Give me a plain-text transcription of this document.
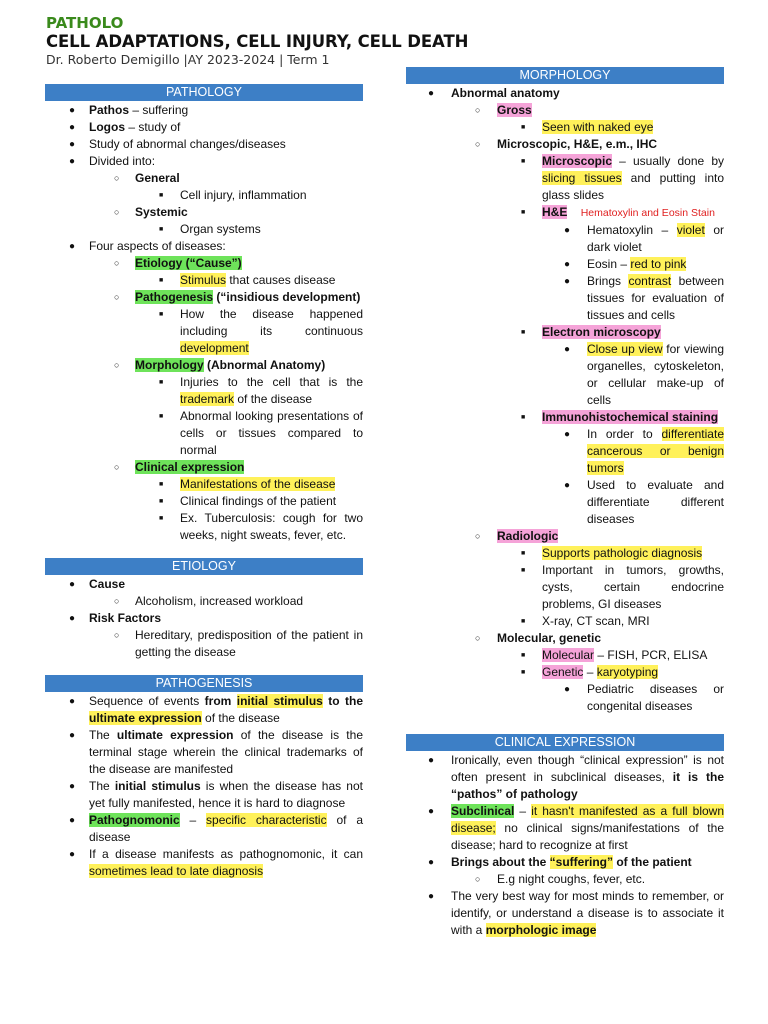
PATHOLO
CELL ADAPTATIONS, CELL INJURY, CELL DEATH
Dr. Roberto Demigillo |AY 2023-2024 | Term 1
PATHOLOGY
● Pathos – suffering
● Logos – study of
● Study of abnormal changes/diseases
● Divided into:
○ General
■ Cell injury, inflammation
○ Systemic
■ Organ systems
● Four aspects of diseases:
○ Etiology (“Cause”)
■ Stimulus that causes disease
○ Pathogenesis (“insidious development)
■ How the disease happened including its continuous development
○ Morphology (Abnormal Anatomy)
■ Injuries to the cell that is the trademark of the disease
■ Abnormal looking presentations of cells or tissues compared to normal
○ Clinical expression
■ Manifestations of the disease
■ Clinical findings of the patient
■ Ex. Tuberculosis: cough for two weeks, night sweats, fever, etc.
ETIOLOGY
● Cause
○ Alcoholism, increased workload
● Risk Factors
○ Hereditary, predisposition of the patient in getting the disease
PATHOGENESIS
● Sequence of events from initial stimulus to the ultimate expression of the disease
● The ultimate expression of the disease is the terminal stage wherein the clinical trademarks of the disease are manifested
● The initial stimulus is when the disease has not yet fully manifested, hence it is hard to diagnose
● Pathognomonic – specific characteristic of a disease
● If a disease manifests as pathognomonic, it can sometimes lead to late diagnosis
MORPHOLOGY
● Abnormal anatomy
○ Gross
■ Seen with naked eye
○ Microscopic, H&E, e.m., IHC
■ Microscopic – usually done by slicing tissues and putting into glass slides
■ H&E Hematoxylin and Eosin Stain
● Hematoxylin – violet or dark violet
● Eosin – red to pink
● Brings contrast between tissues for evaluation of tissues and cells
■ Electron microscopy
● Close up view for viewing organelles, cytoskeleton, or cellular make-up of cells
■ Immunohistochemical staining
● In order to differentiate cancerous or benign tumors
● Used to evaluate and differentiate different diseases
○ Radiologic
■ Supports pathologic diagnosis
■ Important in tumors, growths, cysts, certain endocrine problems, GI diseases
■ X-ray, CT scan, MRI
○ Molecular, genetic
■ Molecular – FISH, PCR, ELISA
■ Genetic – karyotyping
● Pediatric diseases or congenital diseases
CLINICAL EXPRESSION
● Ironically, even though “clinical expression” is not often present in subclinical diseases, it is the “pathos” of pathology
● Subclinical – it hasn't manifested as a full blown disease; no clinical signs/manifestations of the disease; hard to recognize at first
● Brings about the “suffering” of the patient
○ E.g night coughs, fever, etc.
● The very best way for most minds to remember, or identify, or understand a disease is to associate it with a morphologic image
